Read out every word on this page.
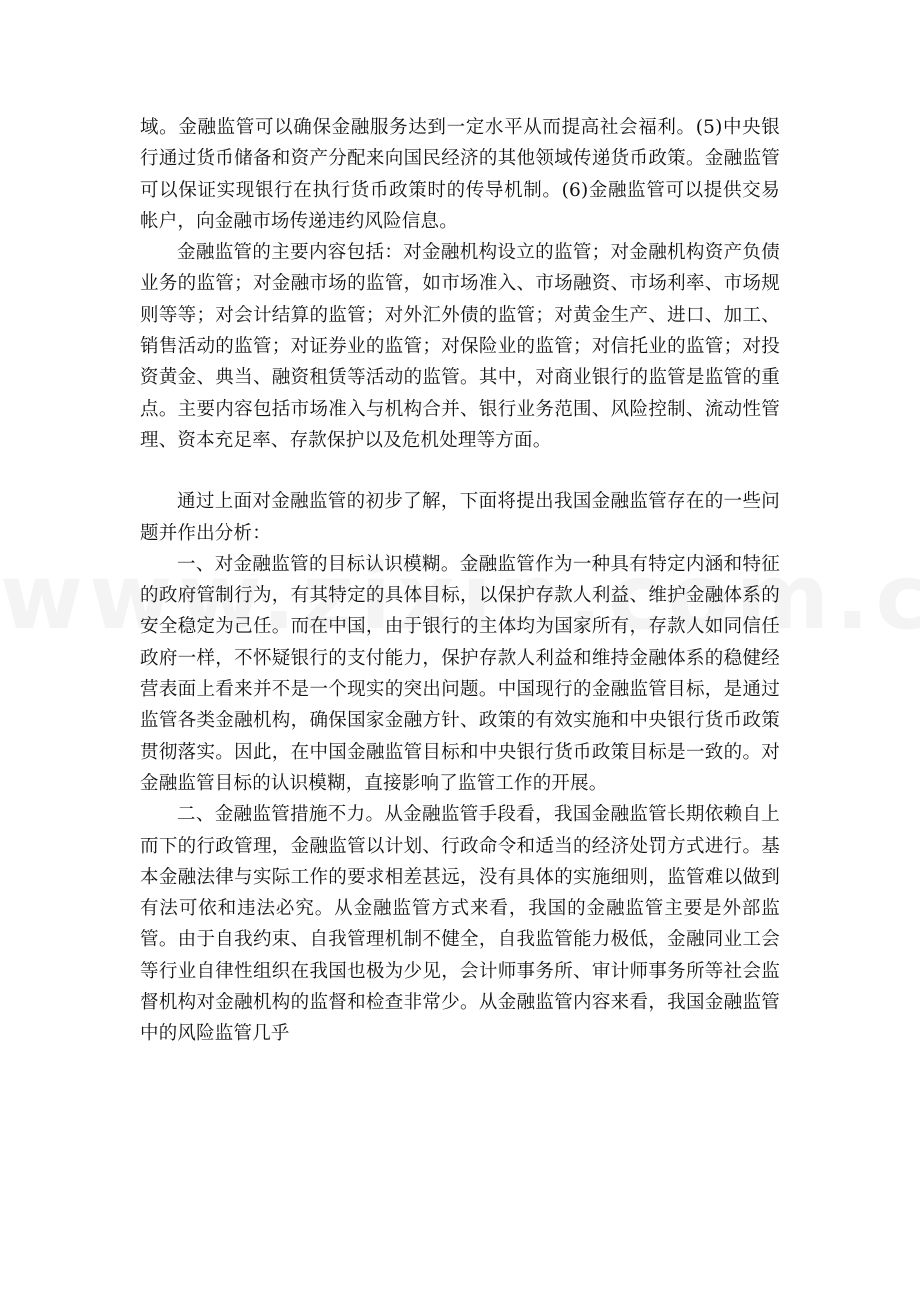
域。金融监管可以确保金融服务达到一定水平从而提高社会福利。(5)中央银行通过货币储备和资产分配来向国民经济的其他领域传递货币政策。金融监管可以保证实现银行在执行货币政策时的传导机制。(6)金融监管可以提供交易帐户，向金融市场传递违约风险信息。

金融监管的主要内容包括：对金融机构设立的监管；对金融机构资产负债业务的监管；对金融市场的监管，如市场准入、市场融资、市场利率、市场规则等等；对会计结算的监管；对外汇外债的监管；对黄金生产、进口、加工、销售活动的监管；对证券业的监管；对保险业的监管；对信托业的监管；对投资黄金、典当、融资租赁等活动的监管。其中，对商业银行的监管是监管的重点。主要内容包括市场准入与机构合并、银行业务范围、风险控制、流动性管理、资本充足率、存款保护以及危机处理等方面。

通过上面对金融监管的初步了解，下面将提出我国金融监管存在的一些问题并作出分析：

一、对金融监管的目标认识模糊。金融监管作为一种具有特定内涵和特征的政府管制行为，有其特定的具体目标，以保护存款人利益、维护金融体系的安全稳定为己任。而在中国，由于银行的主体均为国家所有，存款人如同信任政府一样，不怀疑银行的支付能力，保护存款人利益和维持金融体系的稳健经营表面上看来并不是一个现实的突出问题。中国现行的金融监管目标，是通过监管各类金融机构，确保国家金融方针、政策的有效实施和中央银行货币政策贯彻落实。因此，在中国金融监管目标和中央银行货币政策目标是一致的。对金融监管目标的认识模糊，直接影响了监管工作的开展。

二、金融监管措施不力。从金融监管手段看，我国金融监管长期依赖自上而下的行政管理，金融监管以计划、行政命令和适当的经济处罚方式进行。基本金融法律与实际工作的要求相差甚远，没有具体的实施细则，监管难以做到有法可依和违法必究。从金融监管方式来看，我国的金融监管主要是外部监管。由于自我约束、自我管理机制不健全，自我监管能力极低，金融同业工会等行业自律性组织在我国也极为少见，会计师事务所、审计师事务所等社会监督机构对金融机构的监督和检查非常少。从金融监管内容来看，我国金融监管中的风险监管几乎
